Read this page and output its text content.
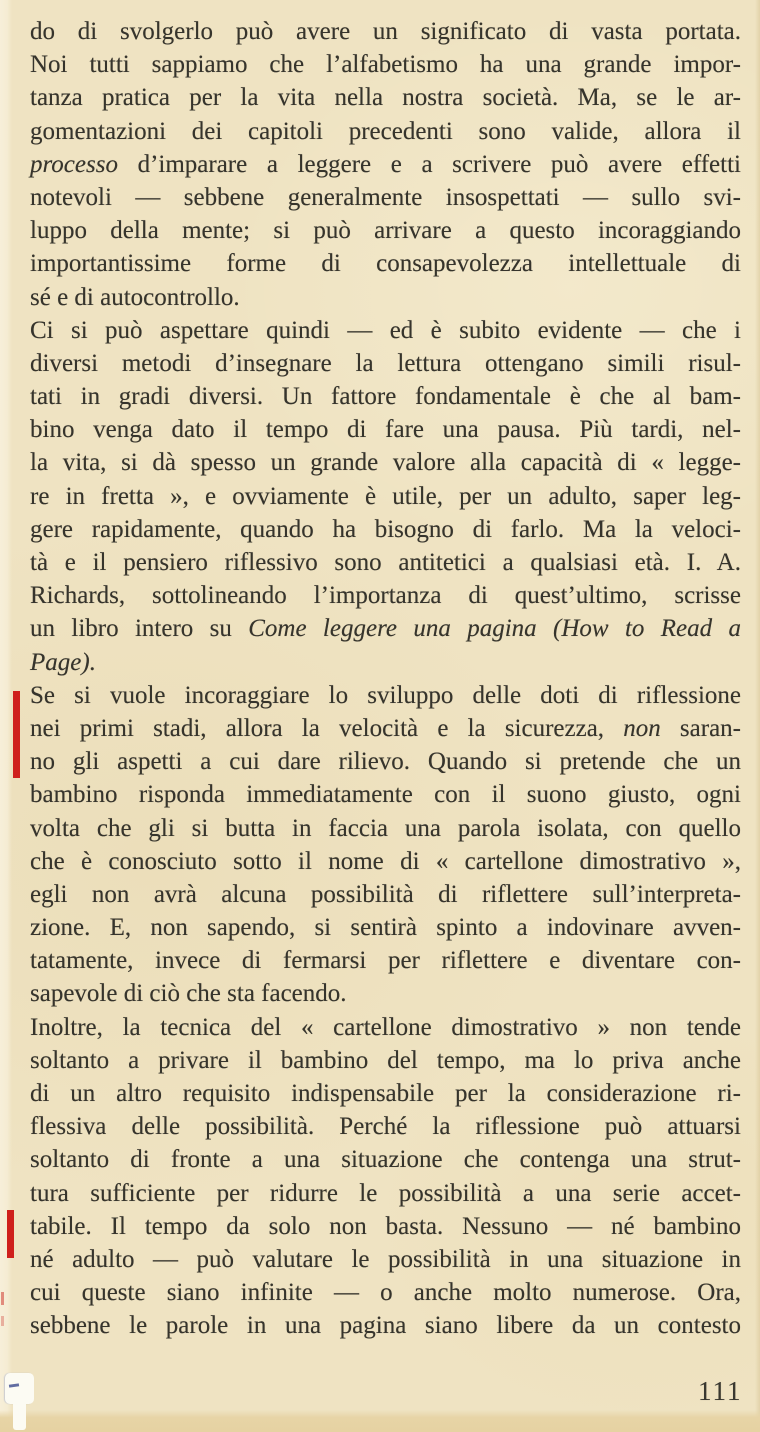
do di svolgerlo può avere un significato di vasta portata.
Noi tutti sappiamo che l’alfabetismo ha una grande impor-
tanza pratica per la vita nella nostra società. Ma, se le ar-
gomentazioni dei capitoli precedenti sono valide, allora il
processo d’imparare a leggere e a scrivere può avere effetti
notevoli — sebbene generalmente insospettati — sullo svi-
luppo della mente; si può arrivare a questo incoraggiando
importantissime forme di consapevolezza intellettuale di
sé e di autocontrollo.
Ci si può aspettare quindi — ed è subito evidente — che i
diversi metodi d’insegnare la lettura ottengano simili risul-
tati in gradi diversi. Un fattore fondamentale è che al bam-
bino venga dato il tempo di fare una pausa. Più tardi, nel-
la vita, si dà spesso un grande valore alla capacità di « legge-
re in fretta », e ovviamente è utile, per un adulto, saper leg-
gere rapidamente, quando ha bisogno di farlo. Ma la veloci-
tà e il pensiero riflessivo sono antitetici a qualsiasi età. I. A.
Richards, sottolineando l’importanza di quest’ultimo, scrisse
un libro intero su Come leggere una pagina (How to Read a
Page).
Se si vuole incoraggiare lo sviluppo delle doti di riflessione
nei primi stadi, allora la velocità e la sicurezza, non saran-
no gli aspetti a cui dare rilievo. Quando si pretende che un
bambino risponda immediatamente con il suono giusto, ogni
volta che gli si butta in faccia una parola isolata, con quello
che è conosciuto sotto il nome di « cartellone dimostrativo »,
egli non avrà alcuna possibilità di riflettere sull’interpreta-
zione. E, non sapendo, si sentirà spinto a indovinare avven-
tatamente, invece di fermarsi per riflettere e diventare con-
sapevole di ciò che sta facendo.
Inoltre, la tecnica del « cartellone dimostrativo » non tende
soltanto a privare il bambino del tempo, ma lo priva anche
di un altro requisito indispensabile per la considerazione ri-
flessiva delle possibilità. Perché la riflessione può attuarsi
soltanto di fronte a una situazione che contenga una strut-
tura sufficiente per ridurre le possibilità a una serie accet-
tabile. Il tempo da solo non basta. Nessuno — né bambino
né adulto — può valutare le possibilità in una situazione in
cui queste siano infinite — o anche molto numerose. Ora,
sebbene le parole in una pagina siano libere da un contesto
111
